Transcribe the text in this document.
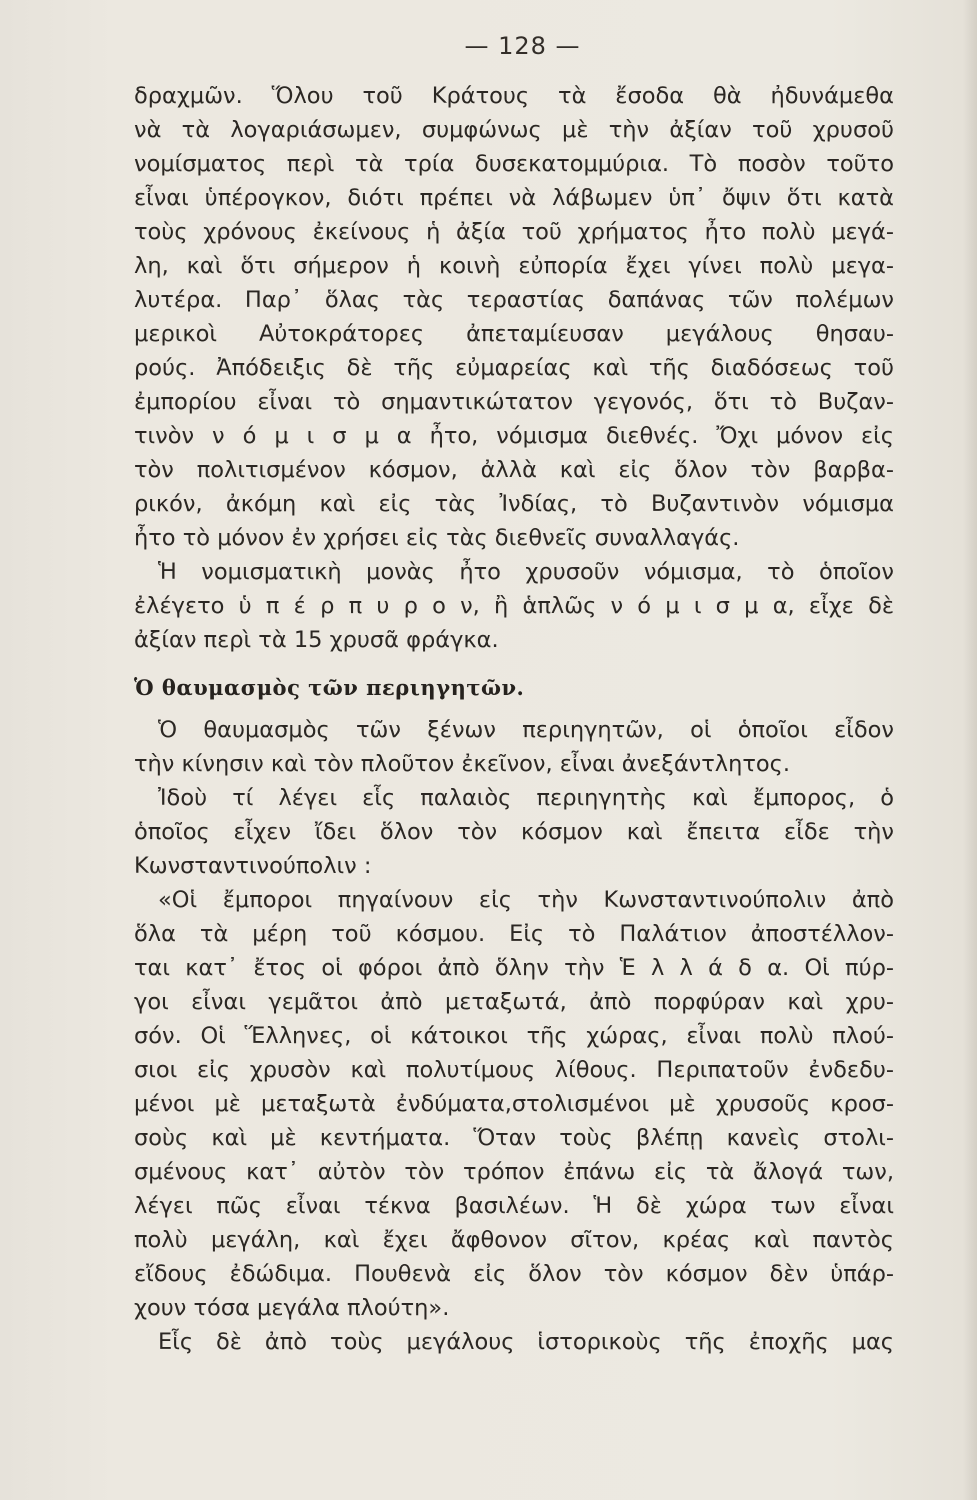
— 128 —
δραχμῶν. Ὅλου τοῦ Κράτους τὰ ἔσοδα θὰ ἠδυνάμεθα
νὰ τὰ λογαριάσωμεν, συμφώνως μὲ τὴν ἀξίαν τοῦ χρυσοῦ
νομίσματος περὶ τὰ τρία δυσεκατομμύρια. Τὸ ποσὸν τοῦτο
εἶναι ὑπέρογκον, διότι πρέπει νὰ λάβωμεν ὑπ᾿ ὄψιν ὅτι κατὰ
τοὺς χρόνους ἐκείνους ἡ ἀξία τοῦ χρήματος ἦτο πολὺ μεγά-
λη, καὶ ὅτι σήμερον ἡ κοινὴ εὐπορία ἔχει γίνει πολὺ μεγα-
λυτέρα. Παρ᾿ ὅλας τὰς τεραστίας δαπάνας τῶν πολέμων
μερικοὶ Αὐτοκράτορες ἀπεταμίευσαν μεγάλους θησαυ-
ρούς. Ἀπόδειξις δὲ τῆς εὐμαρείας καὶ τῆς διαδόσεως τοῦ
ἐμπορίου εἶναι τὸ σημαντικώτατον γεγονός, ὅτι τὸ Βυζαν-
τινὸν ν ό μ ι σ μ α ἦτο, νόμισμα διεθνές. Ὄχι μόνον εἰς
τὸν πολιτισμένον κόσμον, ἀλλὰ καὶ εἰς ὅλον τὸν βαρβα-
ρικόν, ἀκόμη καὶ εἰς τὰς Ἰνδίας, τὸ Βυζαντινὸν νόμισμα
ἦτο τὸ μόνον ἐν χρήσει εἰς τὰς διεθνεῖς συναλλαγάς.
Ἡ νομισματικὴ μονὰς ἦτο χρυσοῦν νόμισμα, τὸ ὁποῖον
ἐλέγετο ὑ π έ ρ π υ ρ ο ν, ἢ ἁπλῶς ν ό μ ι σ μ α, εἶχε δὲ
ἀξίαν περὶ τὰ 15 χρυσᾶ φράγκα.
Ὁ θαυμασμὸς τῶν περιηγητῶν.
Ὁ θαυμασμὸς τῶν ξένων περιηγητῶν, οἱ ὁποῖοι εἶδον
τὴν κίνησιν καὶ τὸν πλοῦτον ἐκεῖνον, εἶναι ἀνεξάντλητος.
Ἰδοὺ τί λέγει εἷς παλαιὸς περιηγητὴς καὶ ἔμπορος, ὁ
ὁποῖος εἶχεν ἴδει ὅλον τὸν κόσμον καὶ ἔπειτα εἶδε τὴν
Κωνσταντινούπολιν :
«Οἱ ἔμποροι πηγαίνουν εἰς τὴν Κωνσταντινούπολιν ἀπὸ
ὅλα τὰ μέρη τοῦ κόσμου. Εἰς τὸ Παλάτιον ἀποστέλλον-
ται κατ᾿ ἔτος οἱ φόροι ἀπὸ ὅλην τὴν Ἑ λ λ ά δ α. Οἱ πύρ-
γοι εἶναι γεμᾶτοι ἀπὸ μεταξωτά, ἀπὸ πορφύραν καὶ χρυ-
σόν. Οἱ Ἕλληνες, οἱ κάτοικοι τῆς χώρας, εἶναι πολὺ πλού-
σιοι εἰς χρυσὸν καὶ πολυτίμους λίθους. Περιπατοῦν ἐνδεδυ-
μένοι μὲ μεταξωτὰ ἐνδύματα,στολισμένοι μὲ χρυσοῦς κροσ-
σοὺς καὶ μὲ κεντήματα. Ὅταν τοὺς βλέπῃ κανεὶς στολι-
σμένους κατ᾿ αὐτὸν τὸν τρόπον ἐπάνω εἰς τὰ ἄλογά των,
λέγει πῶς εἶναι τέκνα βασιλέων. Ἡ δὲ χώρα των εἶναι
πολὺ μεγάλη, καὶ ἔχει ἄφθονον σῖτον, κρέας καὶ παντὸς
εἴδους ἐδώδιμα. Πουθενὰ εἰς ὅλον τὸν κόσμον δὲν ὑπάρ-
χουν τόσα μεγάλα πλούτη».
Εἷς δὲ ἀπὸ τοὺς μεγάλους ἱστορικοὺς τῆς ἐποχῆς μας
